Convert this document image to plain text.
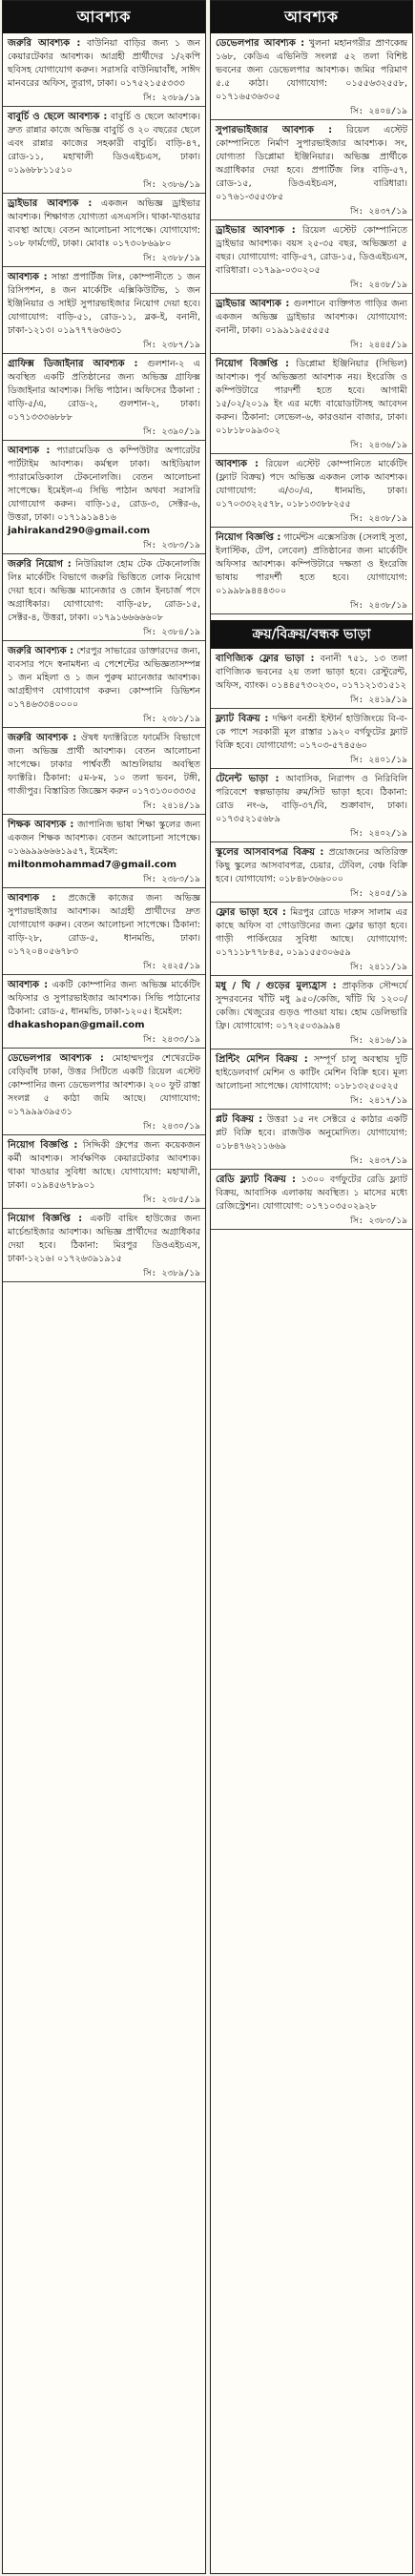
আবশ্যক
জরুরি আবশ্যক : বাউনিয়া বাড়ির জন্য ১ জন কেয়ারটেকার আবশ্যক। আগ্রহী প্রার্থীদের ১/২কপি ছবিসহ যোগাযোগ করুন। সরাসরি বাউনিয়াবাঁধ, সাঈদ মানবরের অফিস, তুরাগ, ঢাকা। ০১৭৫২১৫৫৩৩৩
সি: ২৩৮৯/১৯
বাবুর্চি ও ছেলে আবশ্যক : বাবুর্চি ও ছেলে আবশ্যক। দ্রুত রান্নার কাজে অভিজ্ঞ বাবুর্চি ও ২০ বছরের ছেলে এবং রান্নার কাজের সহকারী বাবুর্চি। বাড়ি-৪৭, রোড-১১, মহাখালী ডিওএইচএস, ঢাকা। ০১৯৬৮৮১১৫১০
সি: ২৩৮৬/১৯
ড্রাইভার আবশ্যক : একজন অভিজ্ঞ ড্রাইভার আবশ্যক। শিক্ষাগত যোগ্যতা এসএসসি। থাকা-খাওয়ার ব্যবস্থা আছে। বেতন আলোচনা সাপেক্ষে। যোগাযোগ: ১০৮ ফার্মগেট, ঢাকা। মোবাঃ ০১৭৩০৮৬৯৮০
সি: ২৩৮৮/১৯
আবশ্যক : সান্তা প্রপার্টিজ লিঃ, কোম্পানীতে ১ জন রিসিপশন, ৪ জন মার্কেটিং এক্সিকিউটিভ, ১ জন ইঞ্জিনিয়ার ও সাইট সুপারভাইজার নিয়োগ দেয়া হবে। যোগাযোগ: বাড়ি-৫১, রোড-১১, ব্লক-ই, বনানী, ঢাকা-১২১৩। ০১৯৭৭৭৬৩৬৩১
সি: ২৩৮৭/১৯
গ্রাফিক্স ডিজাইনার আবশ্যক : গুলশান-২ এ অবস্থিত একটি প্রতিষ্ঠানের জন্য অভিজ্ঞ গ্রাফিক্স ডিজাইনার আবশ্যক। সিভি পাঠান। অফিসের ঠিকানা : বাড়ি-৫/এ, রোড-২, গুলশান-২, ঢাকা। ০১৭১৩৩৩৬৮৮৮
সি: ২৩৯০/১৯
আবশ্যক : প্যারামেডিক ও কম্পিউটার অপারেটর পার্টটাইম আবশ্যক। কর্মস্থল ঢাকা। আইডিয়াল প্যারামেডিক্যাল টেকনোলজি। বেতন আলোচনা সাপেক্ষে। ইমেইল-এ সিভি পাঠান অথবা সরাসরি যোগাযোগ করুন। বাড়ি-১৫, রোড-৩, সেক্টর-৬, উত্তরা, ঢাকা। ০১৭১৯১৯৪১৬
jahirakand290@gmail.com
সি: ২৩৮৩/১৯
জরুরি নিয়োগ : নিউরিয়াল হোম টেক টেকনোলজি লিঃ মার্কেটিং বিভাগে জরুরি ভিত্তিতে লোক নিয়োগ দেয়া হবে। অভিজ্ঞ ম্যানেজার ও জোন ইনচার্জ পদে অগ্রাধিকার। যোগাযোগ: বাড়ি-৫৮, রোড-১৫, সেক্টর-৪, উত্তরা, ঢাকা। ০১৭৯১৬৬৬৬৬০৮
সি: ২৩৮৪/১৯
জরুরি আবশ্যক : শেরপুর সাভারের ডাক্তারদের জন্য, ব্যবসার পদে স্বনামধন্য এ পেশেন্টের অভিজ্ঞতাসম্পন্ন ১ জন মহিলা ও ১ জন পুরুষ ম্যানেজার আবশ্যক। আগ্রহীগণ যোগাযোগ করুন। কোম্পানি ডিভিশন ০১৭৪৬৩৩৪০০০০
সি: ২৩৮১/১৯
জরুরি আবশ্যক : ঔষধ ফ্যাক্টরিতে ফার্মেসি বিভাগে জন্য অভিজ্ঞ প্রার্থী আবশ্যক। বেতন আলোচনা সাপেক্ষে। ঢাকার পার্শ্ববর্তী আশুলিয়ায় অবস্থিত ফ্যাক্টরি। ঠিকানা: ৫ম-৮ম, ১০ তলা ভবন, টঙ্গী, গাজীপুর। বিস্তারিত জিজ্ঞেস করুন ০১৭৩১৩০৩৩৩৫
সি: ২৪১৪/১৯
শিক্ষক আবশ্যক : জাপানিজ ভাষা শিক্ষা স্কুলের জন্য একজন শিক্ষক আবশ্যক। বেতন আলোচনা সাপেক্ষে। ০১৬৯৯৯৬৬৬১৯৫৭, ইমেইল:
miltonmohammad7@gmail.com
সি: ২৩৮৩/১৯
আবশ্যক : প্রজেক্টে কাজের জন্য অভিজ্ঞ সুপারভাইজার আবশ্যক। আগ্রহী প্রার্থীদের দ্রুত যোগাযোগ করুন। বেতন আলোচনা সাপেক্ষে। ঠিকানা: বাড়ি-২৮, রোড-৫, ধানমন্ডি, ঢাকা। ০১৭২০৪০৫৬৭৮৩
সি: ২৪২৫/১৯
আবশ্যক : একটি কোম্পানির জন্য অভিজ্ঞ মার্কেটিং অফিসার ও সুপারভাইজার আবশ্যক। সিভি পাঠানোর ঠিকানা: রোড-৫, ধানমন্ডি, ঢাকা-১২০৫। ইমেইল:
dhakashopan@gmail.com
সি: ২৪৩৩/১৯
ডেভেলপার আবশ্যক : মোহাম্মদপুর শেখেরটেক বেড়িবাঁধ ঢাকা, উত্তর সিটিতে একটি রিয়েল এস্টেট কোম্পানির জন্য ডেভেলপার আবশ্যক। ২০০ ফুট রাস্তা সংলগ্ন ৫ কাঠা জমি আছে। যোগাযোগ: ০১৭৯৯৯৩৯৫৩১
সি: ২৪৩০/১৯
নিয়োগ বিজ্ঞপ্তি : সিদ্দিকী গ্রুপের জন্য কয়েকজন কর্মী আবশ্যক। সার্বক্ষণিক কেয়ারটেকার আবশ্যক। থাকা খাওয়ার সুবিধা আছে। যোগাযোগ: মহাখালী, ঢাকা। ০১৯৪৫৬৭৮৯০১
সি: ২৩৮৫/১৯
নিয়োগ বিজ্ঞপ্তি : একটি বায়িং হাউজের জন্য মার্চেন্ডাইজার আবশ্যক। অভিজ্ঞ প্রার্থীদের অগ্রাধিকার দেয়া হবে। ঠিকানা: মিরপুর ডিওএইচএস, ঢাকা-১২১৬। ০১৭২৬৩৯১৯১৫
সি: ২৩৮৯/১৯
আবশ্যক
ডেভেলপার আবশ্যক : খুলনা মহানগরীর প্রাণকেন্দ্র ১৬৮, কেডিএ এভিনিউ সংলগ্ন ৫২ তলা বিশিষ্ট ভবনের জন্য ডেভেলপার আবশ্যক। জমির পরিমাণ ৫.৫ কাঠা। যোগাযোগ: ০১৫৫৬৩২৫৫৮, ০১৭১৬৫৩৬৩০৫
সি: ২৪০৪/১৯
সুপারভাইজার আবশ্যক : রিয়েল এস্টেট কোম্পানিতে নির্মাণ সুপারভাইজার আবশ্যক। সং, যোগ্যতা ডিপ্লোমা ইঞ্জিনিয়ার। অভিজ্ঞ প্রার্থীকে অগ্রাধিকার দেয়া হবে। প্রপার্টিজ লিঃ বাড়ি-৫৭, রোড-১৫, ডিওএইচএস, বারিধারা। ০১৭৬১-৩৫৫৩৮৫
সি: ২৪৩৭/১৯
ড্রাইভার আবশ্যক : রিয়েল এস্টেট কোম্পানিতে ড্রাইভার আবশ্যক। বয়স ২৫-৩৫ বছর, অভিজ্ঞতা ৫ বছর। যোগাযোগ: বাড়ি-৫৭, রোড-১৫, ডিওএইচএস, বারিধারা। ০১৭৯৯-০৩০২০৫
সি: ২৪৩৮/১৯
ড্রাইভার আবশ্যক : গুলশানে ব্যক্তিগত গাড়ির জন্য একজন অভিজ্ঞ ড্রাইভার আবশ্যক। যোগাযোগ: বনানী, ঢাকা। ০১৯৯১৯৫৫৫৫৫
সি: ২৪৪৫/১৯
নিয়োগ বিজ্ঞপ্তি : ডিপ্লোমা ইঞ্জিনিয়ার (সিভিল) আবশ্যক। পূর্ব অভিজ্ঞতা আবশ্যক নয়। ইংরেজি ও কম্পিউটারে পারদর্শী হতে হবে। আগামী ১৫/০২/২০১৯ ইং এর মধ্যে বায়োডাটাসহ আবেদন করুন। ঠিকানা: লেভেল-৬, কারওয়ান বাজার, ঢাকা। ০১৮১৮০৯৯৩০২
সি: ২৪৩৬/১৯
আবশ্যক : রিয়েল এস্টেট কোম্পানিতে মার্কেটিং (ফ্ল্যাট বিক্রয়) পদে অভিজ্ঞ একজন লোক আবশ্যক। যোগাযোগ: এ/৩০/এ, ধানমন্ডি, ঢাকা। ০১৭০৩৩২২৫৭৮, ০১৮১৩৩৮৮২৫৫
সি: ২৪৩৮/১৯
নিয়োগ বিজ্ঞপ্তি : গার্মেন্টস এক্সেসরিজ (সেলাই সুতা, ইলাস্টিক, টেপ, লেবেল) প্রতিষ্ঠানের জন্য মার্কেটিং অফিসার আবশ্যক। কম্পিউটারে দক্ষতা ও ইংরেজি ভাষায় পারদর্শী হতে হবে। যোগাযোগ: ০১৯৯৮৯৪৪৪৩০০
সি: ২৪৩৮/১৯
ক্রয়/বিক্রয়/বন্ধক ভাড়া
বাণিজ্যিক ফ্লোর ভাড়া : বনানী ৭৫১, ১৩ তলা বাণিজ্যিক ভবনের ২য় তলা ভাড়া হবে। রেস্টুরেন্ট, অফিস, ব্যাংক। ০১৪৪৫৭৩০২৩০, ০১৭১২১৩১৫১২
সি: ২৪১৯/১৯
ফ্ল্যাট বিক্রয় : দক্ষিণ বনশ্রী ইস্টার্ন হাউজিংয়ে বি-ব-কে পাশে সরকারী মূল রাস্তার ১৯২০ বর্গফুটের ফ্ল্যাট বিক্রি হবে। যোগাযোগ: ০১৭০৩-৫৭৪৫৬০
সি: ২৪০১/১৯
টেনেন্ট ভাড়া : আবাসিক, নিরাপদ ও নিরিবিলি পরিবেশে স্বল্পভাড়ায় রুম/সিট ভাড়া হবে। ঠিকানা: রোড নং-৬, বাড়ি-৩৭/বি, শুক্রাবাদ, ঢাকা। ০১৭৩৫২১৫৬৮৯
সি: ২৪০২/১৯
স্কুলের আসবাবপত্র বিক্রয় : প্রয়োজনের অতিরিক্ত কিছু স্কুলের আসবাবপত্র, চেয়ার, টেবিল, বেঞ্চ বিক্রি হবে। যোগাযোগ: ০১৮৪৮৩৬৬০০০
সি: ২৪০৫/১৯
ফ্লোর ভাড়া হবে : মিরপুর রোডে দারুস সালাম এর কাছে অফিস বা গোডাউনের জন্য ফ্লোর ভাড়া হবে। গাড়ী পার্কিংয়ের সুবিধা আছে। যোগাযোগ: ০১৭১১৮৭৭৮৪৫, ০১৯১৫৫৩০৬৫৯
সি: ২৪১১/১৯
মধু / ঘি / গুড়ের মুল্যহ্রাস : প্রাকৃতিক সৌন্দর্যে সুন্দরবনের খাঁটি মধু ৯৫০/কেজি, খাঁটি ঘি ১২০০/কেজি। খেজুরের গুড়ও পাওয়া যায়। হোম ডেলিভারি ফ্রি। যোগাযোগ: ০১৭২৫০৩৯৯৯৪
সি: ২৪১৬/১৯
প্রিন্টিং মেশিন বিক্রয় : সম্পূর্ণ চালু অবস্থায় দুটি হাইডেলবার্গ মেশিন ও কাটিং মেশিন বিক্রি হবে। মূল্য আলোচনা সাপেক্ষে। যোগাযোগ: ০১৮১৩২৫০৫২৫
সি: ২৪১৭/১৯
প্লট বিক্রয় : উত্তরা ১৫ নং সেক্টরে ৫ কাঠার একটি প্লট বিক্রি হবে। রাজউক অনুমোদিত। যোগাযোগ: ০১৮৪৭৬২১১৬৬৯
সি: ২৪৩৭/১৯
রেডি ফ্ল্যাট বিক্রয় : ১৩০০ বর্গফুটের রেডি ফ্ল্যাট বিক্রয়, আবাসিক এলাকায় অবস্থিত। ১ মাসের মধ্যে রেজিস্ট্রেশন। যোগাযোগ: ০১৭১০৩৫০২৯২৮
সি: ২৩৮৩/১৯
